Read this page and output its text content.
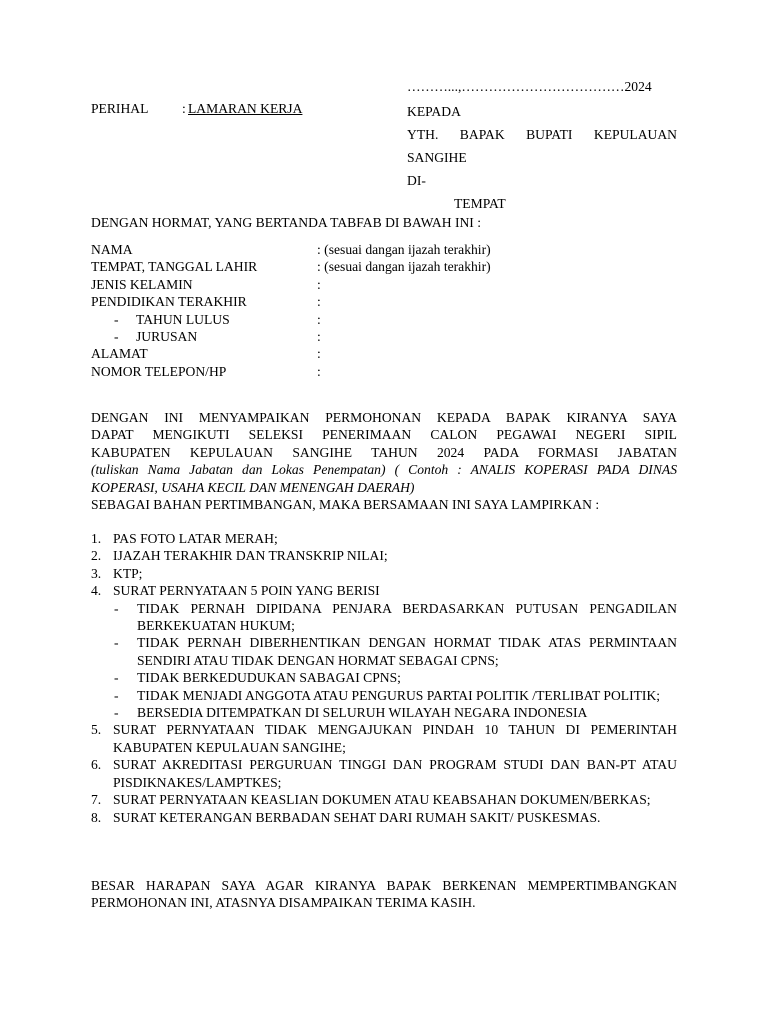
………...,………………………………2024
PERIHAL : LAMARAN KERJA	KEPADA
YTH. BAPAK BUPATI KEPULAUAN
SANGIHE
DI-
TEMPAT
DENGAN HORMAT, YANG BERTANDA TABFAB DI BAWAH INI :
NAMA	: (sesuai dangan ijazah terakhir)
TEMPAT, TANGGAL LAHIR	: (sesuai dangan ijazah terakhir)
JENIS KELAMIN	:
PENDIDIKAN TERAKHIR	:
- TAHUN LULUS	:
- JURUSAN	:
ALAMAT	:
NOMOR TELEPON/HP	:
DENGAN INI MENYAMPAIKAN PERMOHONAN KEPADA BAPAK KIRANYA SAYA
DAPAT MENGIKUTI SELEKSI PENERIMAAN CALON PEGAWAI NEGERI SIPIL
KABUPATEN KEPULAUAN SANGIHE TAHUN 2024 PADA FORMASI JABATAN
(tuliskan Nama Jabatan dan Lokas Penempatan) ( Contoh : ANALIS KOPERASI PADA DINAS
KOPERASI, USAHA KECIL DAN MENENGAH DAERAH)
SEBAGAI BAHAN PERTIMBANGAN, MAKA BERSAMAAN INI SAYA LAMPIRKAN :
1. PAS FOTO LATAR MERAH;
2. IJAZAH TERAKHIR DAN TRANSKRIP NILAI;
3. KTP;
4. SURAT PERNYATAAN 5 POIN YANG BERISI
- TIDAK PERNAH DIPIDANA PENJARA BERDASARKAN PUTUSAN PENGADILAN BERKEKUATAN HUKUM;
- TIDAK PERNAH DIBERHENTIKAN DENGAN HORMAT TIDAK ATAS PERMINTAAN SENDIRI ATAU TIDAK DENGAN HORMAT SEBAGAI CPNS;
- TIDAK BERKEDUDUKAN SABAGAI CPNS;
- TIDAK MENJADI ANGGOTA ATAU PENGURUS PARTAI POLITIK /TERLIBAT POLITIK;
- BERSEDIA DITEMPATKAN DI SELURUH WILAYAH NEGARA INDONESIA
5. SURAT PERNYATAAN TIDAK MENGAJUKAN PINDAH 10 TAHUN DI PEMERINTAH KABUPATEN KEPULAUAN SANGIHE;
6. SURAT AKREDITASI PERGURUAN TINGGI DAN PROGRAM STUDI DAN BAN-PT ATAU PISDIKNAKES/LAMPTKES;
7. SURAT PERNYATAAN KEASLIAN DOKUMEN ATAU KEABSAHAN DOKUMEN/BERKAS;
8. SURAT KETERANGAN BERBADAN SEHAT DARI RUMAH SAKIT/ PUSKESMAS.
BESAR HARAPAN SAYA AGAR KIRANYA BAPAK BERKENAN MEMPERTIMBANGKAN PERMOHONAN INI, ATASNYA DISAMPAIKAN TERIMA KASIH.
